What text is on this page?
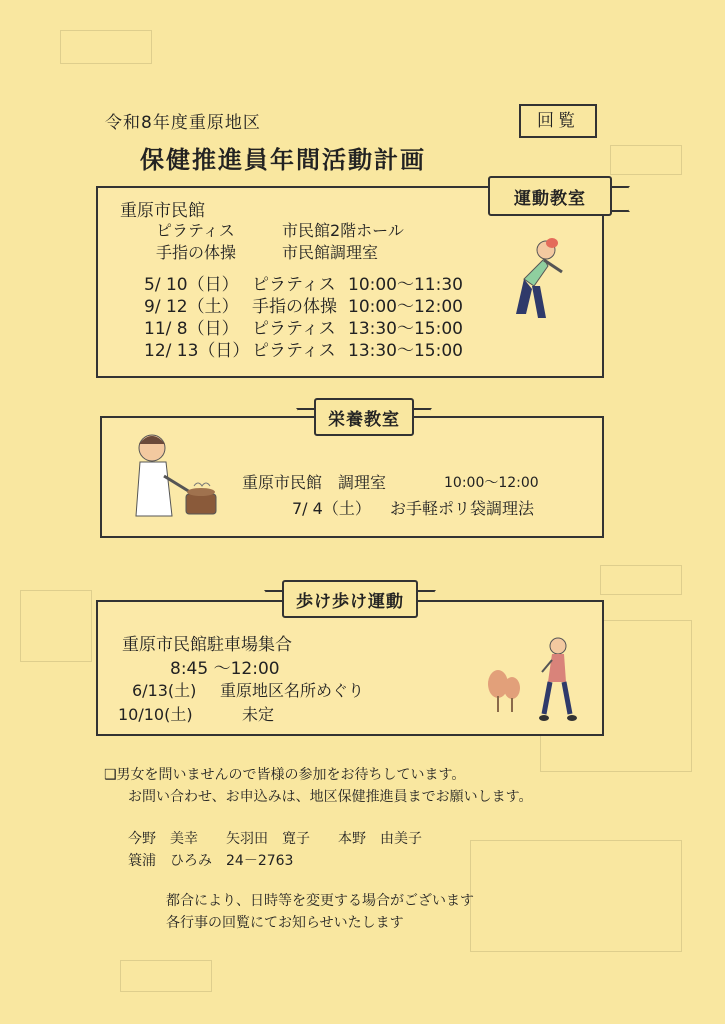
令和8年度重原地区	回覧
保健推進員年間活動計画
重原市民館
ピラティス	市民館2階ホール
手指の体操	市民館調理室
5/ 10（日） ピラティス 10:00～11:30
9/ 12（土） 手指の体操 10:00～12:00
11/ 8（日） ピラティス 13:30～15:00
12/ 13（日） ピラティス 13:30～15:00
運動教室
重原市民館　調理室	10:00～12:00
7/ 4（土） お手軽ポリ袋調理法
栄養教室
重原市民館駐車場集合
8:45 ～12:00
6/13(土) 重原地区名所めぐり
10/10(土)	未定
歩け歩け運動
❑男女を問いませんので皆様の参加をお待ちしています。
お問い合わせ、お申込みは、地区保健推進員までお願いします。
今野　美幸　　矢羽田　寛子　　本野　由美子
簑浦　ひろみ　24－2763
都合により、日時等を変更する場合がございます
各行事の回覧にてお知らせいたします
